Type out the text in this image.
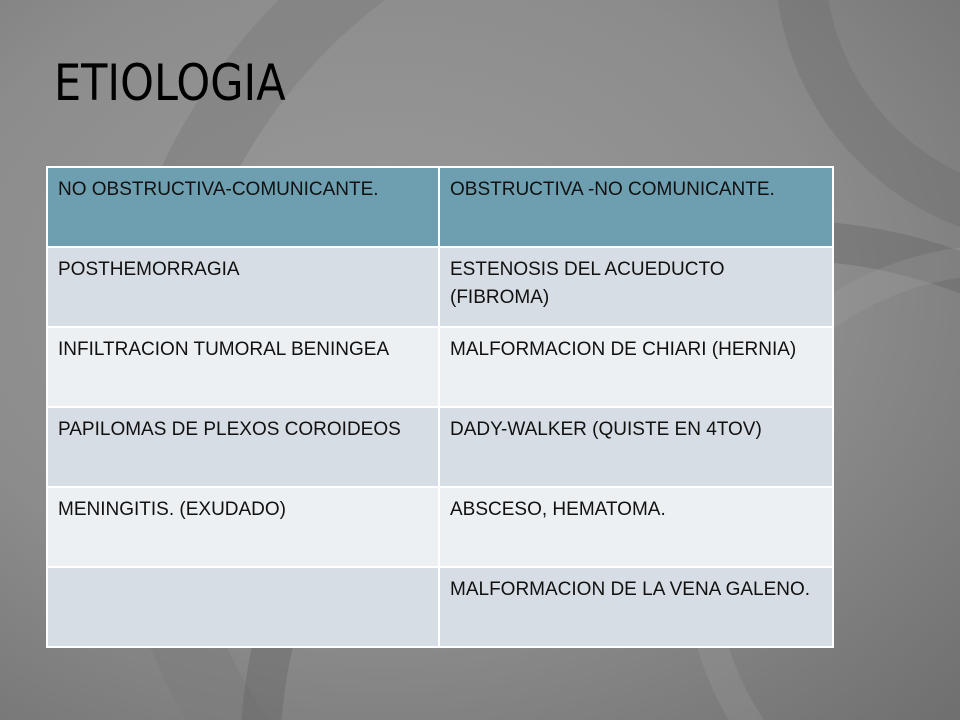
ETIOLOGIA
NO OBSTRUCTIVA-COMUNICANTE.	OBSTRUCTIVA -NO COMUNICANTE.
POSTHEMORRAGIA	ESTENOSIS DEL ACUEDUCTO (FIBROMA)
INFILTRACION TUMORAL BENINGEA	MALFORMACION DE CHIARI (HERNIA)
PAPILOMAS DE PLEXOS COROIDEOS	DADY-WALKER (QUISTE EN 4TOV)
MENINGITIS. (EXUDADO)	ABSCESO, HEMATOMA.
	MALFORMACION DE LA VENA GALENO.
